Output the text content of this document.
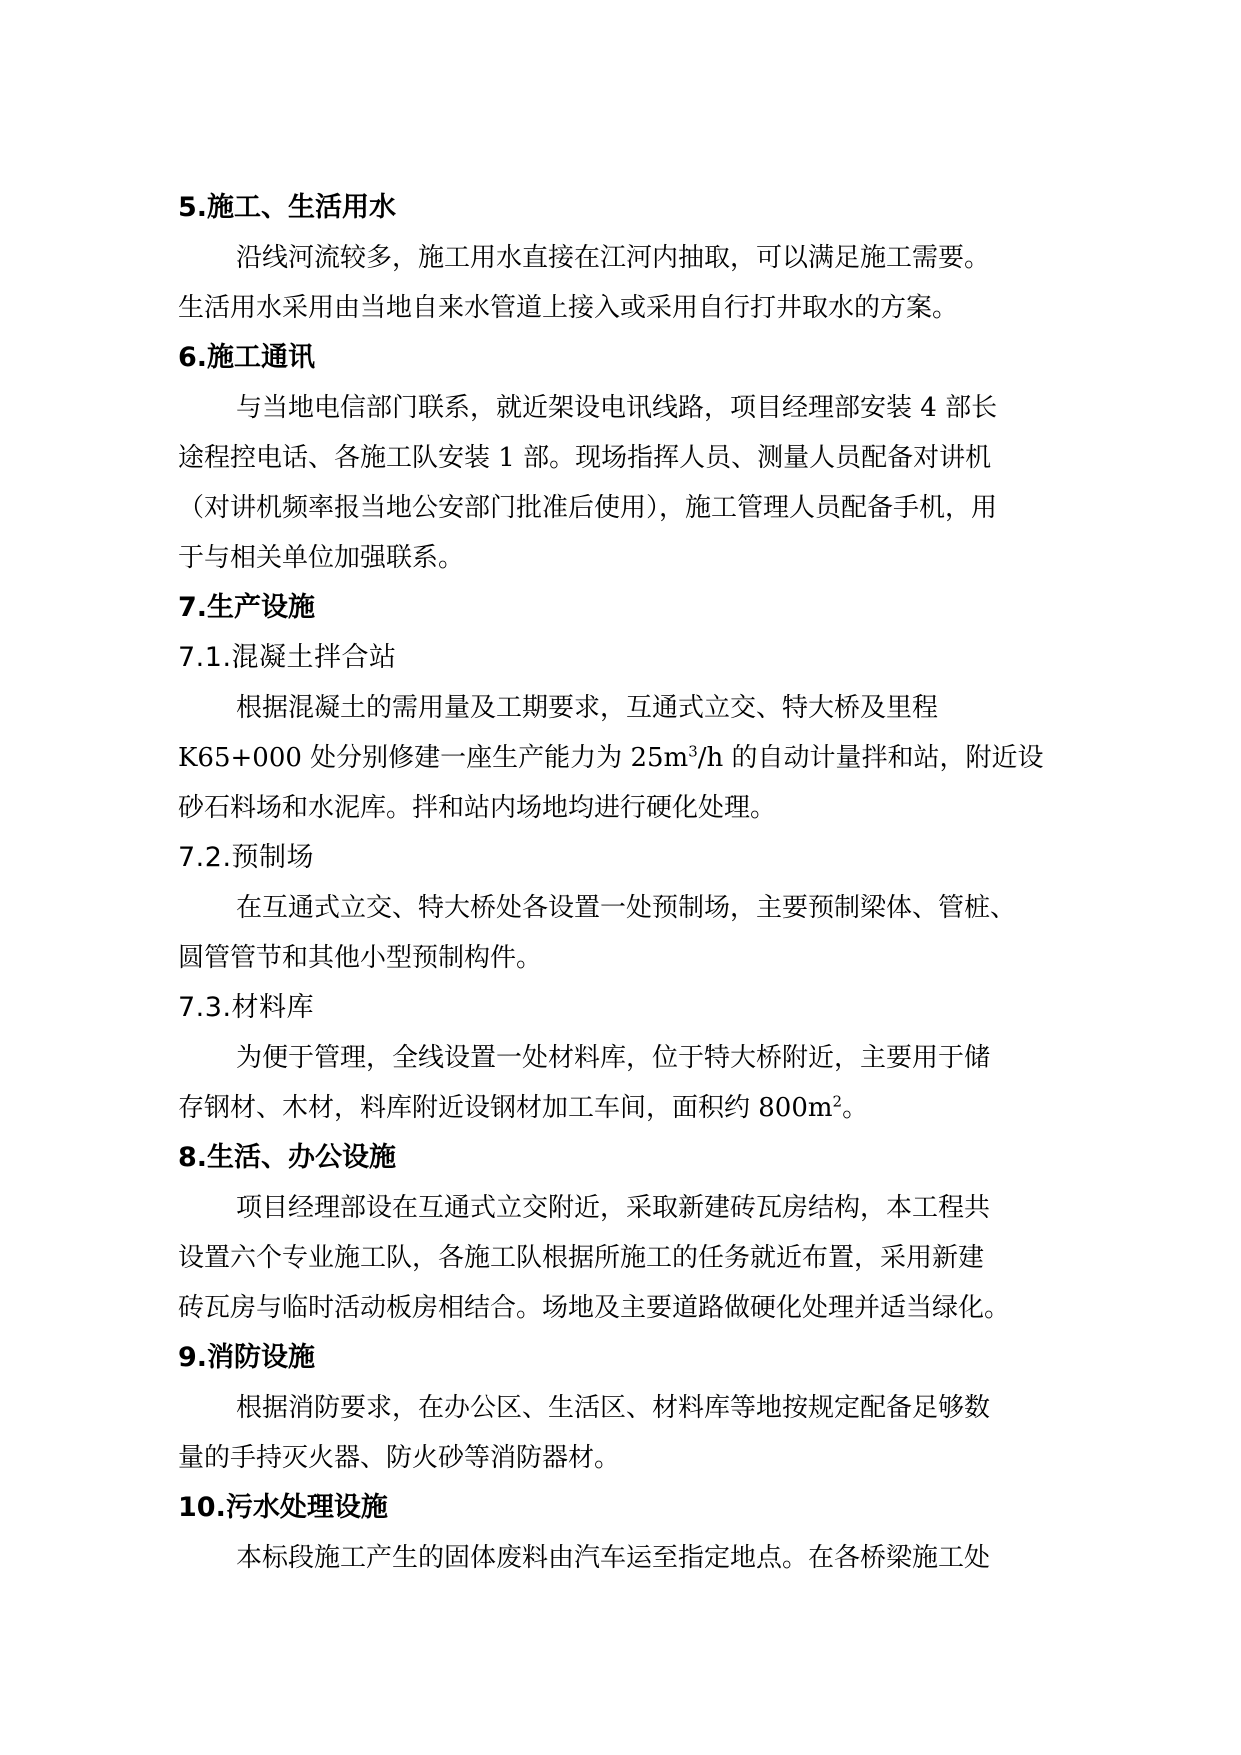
5.施工、生活用水
沿线河流较多，施工用水直接在江河内抽取，可以满足施工需要。
生活用水采用由当地自来水管道上接入或采用自行打井取水的方案。
6.施工通讯
与当地电信部门联系，就近架设电讯线路，项目经理部安装 4 部长
途程控电话、各施工队安装 1 部。现场指挥人员、测量人员配备对讲机
（对讲机频率报当地公安部门批准后使用），施工管理人员配备手机，用
于与相关单位加强联系。
7.生产设施
7.1.混凝土拌合站
根据混凝土的需用量及工期要求，互通式立交、特大桥及里程
K65+000 处分别修建一座生产能力为 $25m^3/h$ 的自动计量拌和站，附近设
砂石料场和水泥库。拌和站内场地均进行硬化处理。
7.2.预制场
在互通式立交、特大桥处各设置一处预制场，主要预制梁体、管桩、
圆管管节和其他小型预制构件。
7.3.材料库
为便于管理，全线设置一处材料库，位于特大桥附近，主要用于储
存钢材、木材，料库附近设钢材加工车间，面积约 $800m^2$。
8.生活、办公设施
项目经理部设在互通式立交附近，采取新建砖瓦房结构，本工程共
设置六个专业施工队，各施工队根据所施工的任务就近布置，采用新建
砖瓦房与临时活动板房相结合。场地及主要道路做硬化处理并适当绿化。
9.消防设施
根据消防要求，在办公区、生活区、材料库等地按规定配备足够数
量的手持灭火器、防火砂等消防器材。
10.污水处理设施
本标段施工产生的固体废料由汽车运至指定地点。在各桥梁施工处
